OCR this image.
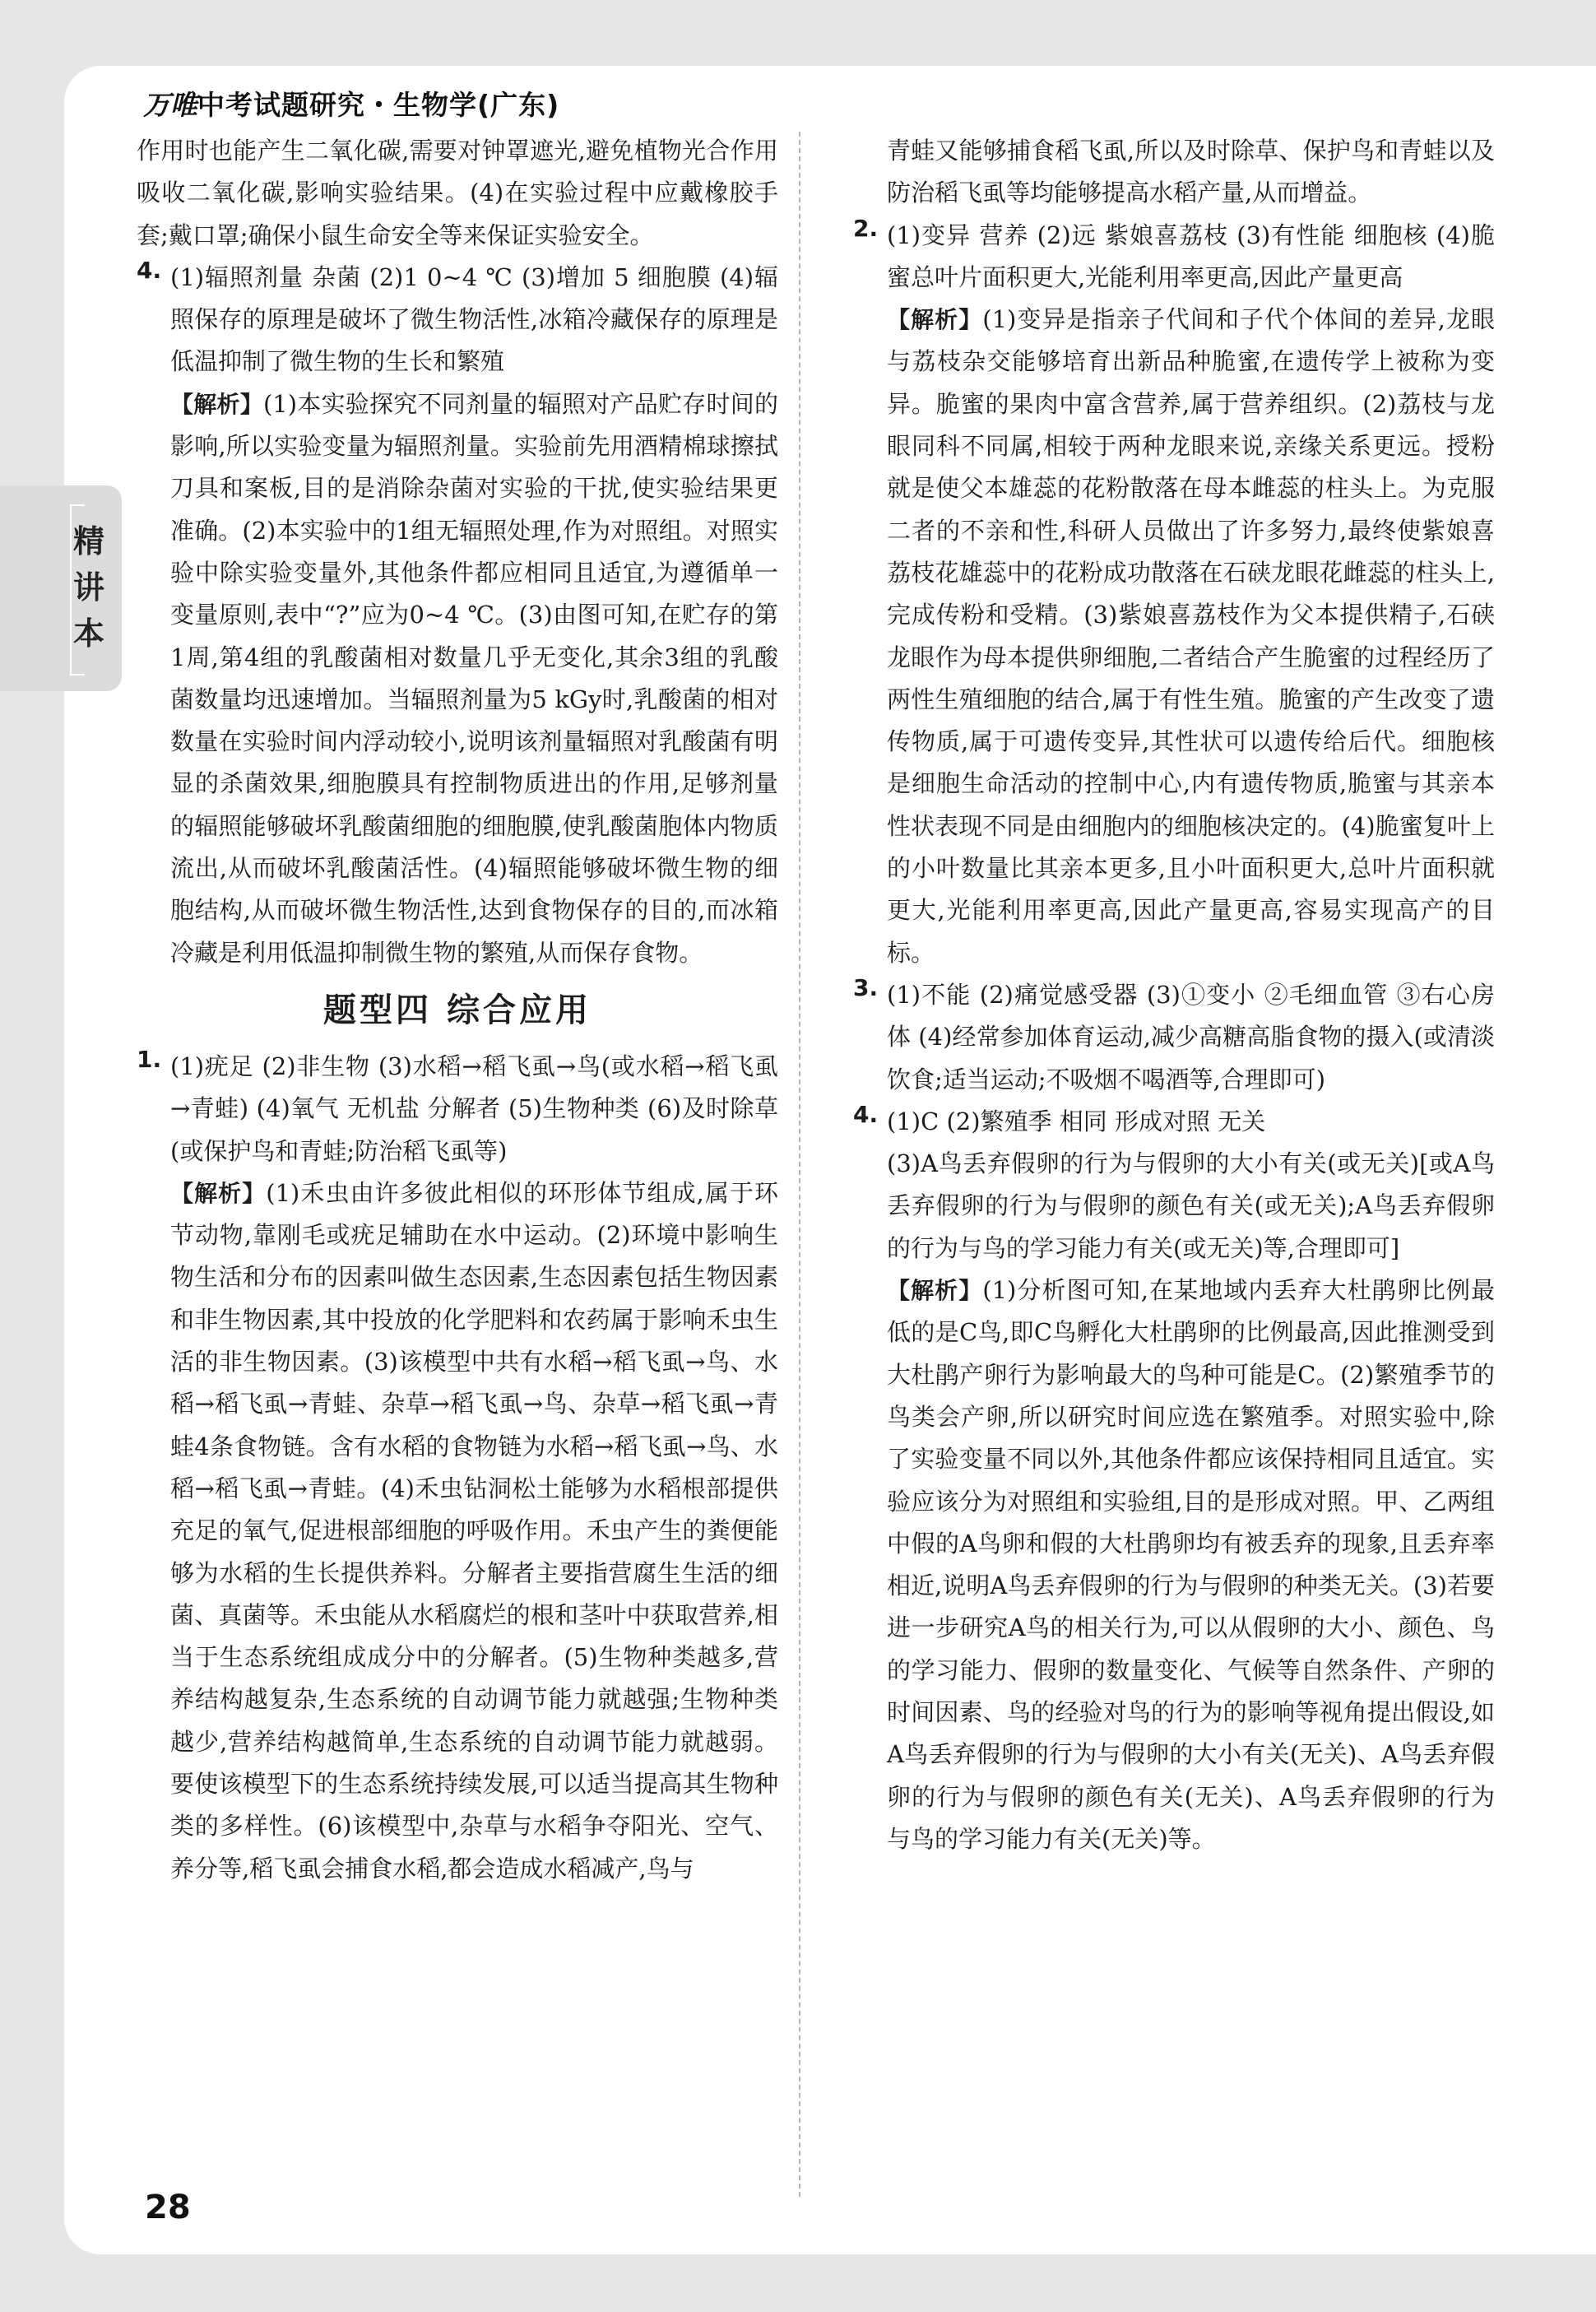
万唯中考试题研究・生物学(广东)
精讲本

作用时也能产生二氧化碳,需要对钟罩遮光,避免植物光合作用吸收二氧化碳,影响实验结果。(4)在实验过程中应戴橡胶手套;戴口罩;确保小鼠生命安全等来保证实验安全。

4. (1)辐照剂量 杂菌 (2)1 0~4 ℃ (3)增加 5 细胞膜 (4)辐照保存的原理是破坏了微生物活性,冰箱冷藏保存的原理是低温抑制了微生物的生长和繁殖

【解析】(1)本实验探究不同剂量的辐照对产品贮存时间的影响,所以实验变量为辐照剂量。实验前先用酒精棉球擦拭刀具和案板,目的是消除杂菌对实验的干扰,使实验结果更准确。(2)本实验中的1组无辐照处理,作为对照组。对照实验中除实验变量外,其他条件都应相同且适宜,为遵循单一变量原则,表中“?”应为0~4 ℃。(3)由图可知,在贮存的第1周,第4组的乳酸菌相对数量几乎无变化,其余3组的乳酸菌数量均迅速增加。当辐照剂量为5 kGy时,乳酸菌的相对数量在实验时间内浮动较小,说明该剂量辐照对乳酸菌有明显的杀菌效果,细胞膜具有控制物质进出的作用,足够剂量的辐照能够破坏乳酸菌细胞的细胞膜,使乳酸菌胞体内物质流出,从而破坏乳酸菌活性。(4)辐照能够破坏微生物的细胞结构,从而破坏微生物活性,达到食物保存的目的,而冰箱冷藏是利用低温抑制微生物的繁殖,从而保存食物。

题型四 综合应用
1. (1)疣足 (2)非生物 (3)水稻→稻飞虱→鸟(或水稻→稻飞虱→青蛙) (4)氧气 无机盐 分解者 (5)生物种类 (6)及时除草(或保护鸟和青蛙;防治稻飞虱等)

【解析】(1)禾虫由许多彼此相似的环形体节组成,属于环节动物,靠刚毛或疣足辅助在水中运动。(2)环境中影响生物生活和分布的因素叫做生态因素,生态因素包括生物因素和非生物因素,其中投放的化学肥料和农药属于影响禾虫生活的非生物因素。(3)该模型中共有水稻→稻飞虱→鸟、水稻→稻飞虱→青蛙、杂草→稻飞虱→鸟、杂草→稻飞虱→青蛙4条食物链。含有水稻的食物链为水稻→稻飞虱→鸟、水稻→稻飞虱→青蛙。(4)禾虫钻洞松土能够为水稻根部提供充足的氧气,促进根部细胞的呼吸作用。禾虫产生的粪便能够为水稻的生长提供养料。分解者主要指营腐生生活的细菌、真菌等。禾虫能从水稻腐烂的根和茎叶中获取营养,相当于生态系统组成成分中的分解者。(5)生物种类越多,营养结构越复杂,生态系统的自动调节能力就越强;生物种类越少,营养结构越简单,生态系统的自动调节能力就越弱。要使该模型下的生态系统持续发展,可以适当提高其生物种类的多样性。(6)该模型中,杂草与水稻争夺阳光、空气、养分等,稻飞虱会捕食水稻,都会造成水稻减产,鸟与

青蛙又能够捕食稻飞虱,所以及时除草、保护鸟和青蛙以及防治稻飞虱等均能够提高水稻产量,从而增益。

2. (1)变异 营养 (2)远 紫娘喜荔枝 (3)有性能 细胞核 (4)脆蜜总叶片面积更大,光能利用率更高,因此产量更高

【解析】(1)变异是指亲子代间和子代个体间的差异,龙眼与荔枝杂交能够培育出新品种脆蜜,在遗传学上被称为变异。脆蜜的果肉中富含营养,属于营养组织。(2)荔枝与龙眼同科不同属,相较于两种龙眼来说,亲缘关系更远。授粉就是使父本雄蕊的花粉散落在母本雌蕊的柱头上。为克服二者的不亲和性,科研人员做出了许多努力,最终使紫娘喜荔枝花雄蕊中的花粉成功散落在石硖龙眼花雌蕊的柱头上,完成传粉和受精。(3)紫娘喜荔枝作为父本提供精子,石硖龙眼作为母本提供卵细胞,二者结合产生脆蜜的过程经历了两性生殖细胞的结合,属于有性生殖。脆蜜的产生改变了遗传物质,属于可遗传变异,其性状可以遗传给后代。细胞核是细胞生命活动的控制中心,内有遗传物质,脆蜜与其亲本性状表现不同是由细胞内的细胞核决定的。(4)脆蜜复叶上的小叶数量比其亲本更多,且小叶面积更大,总叶片面积就更大,光能利用率更高,因此产量更高,容易实现高产的目标。

3. (1)不能 (2)痛觉感受器 (3)①变小 ②毛细血管 ③右心房 体 (4)经常参加体育运动,减少高糖高脂食物的摄入(或清淡饮食;适当运动;不吸烟不喝酒等,合理即可)

4. (1)C (2)繁殖季 相同 形成对照 无关

(3)A鸟丢弃假卵的行为与假卵的大小有关(或无关)[或A鸟丢弃假卵的行为与假卵的颜色有关(或无关);A鸟丢弃假卵的行为与鸟的学习能力有关(或无关)等,合理即可]

【解析】(1)分析图可知,在某地域内丢弃大杜鹃卵比例最低的是C鸟,即C鸟孵化大杜鹃卵的比例最高,因此推测受到大杜鹃产卵行为影响最大的鸟种可能是C。(2)繁殖季节的鸟类会产卵,所以研究时间应选在繁殖季。对照实验中,除了实验变量不同以外,其他条件都应该保持相同且适宜。实验应该分为对照组和实验组,目的是形成对照。甲、乙两组中假的A鸟卵和假的大杜鹃卵均有被丢弃的现象,且丢弃率相近,说明A鸟丢弃假卵的行为与假卵的种类无关。(3)若要进一步研究A鸟的相关行为,可以从假卵的大小、颜色、鸟的学习能力、假卵的数量变化、气候等自然条件、产卵的时间因素、鸟的经验对鸟的行为的影响等视角提出假设,如A鸟丢弃假卵的行为与假卵的大小有关(无关)、A鸟丢弃假卵的行为与假卵的颜色有关(无关)、A鸟丢弃假卵的行为与鸟的学习能力有关(无关)等。

28
